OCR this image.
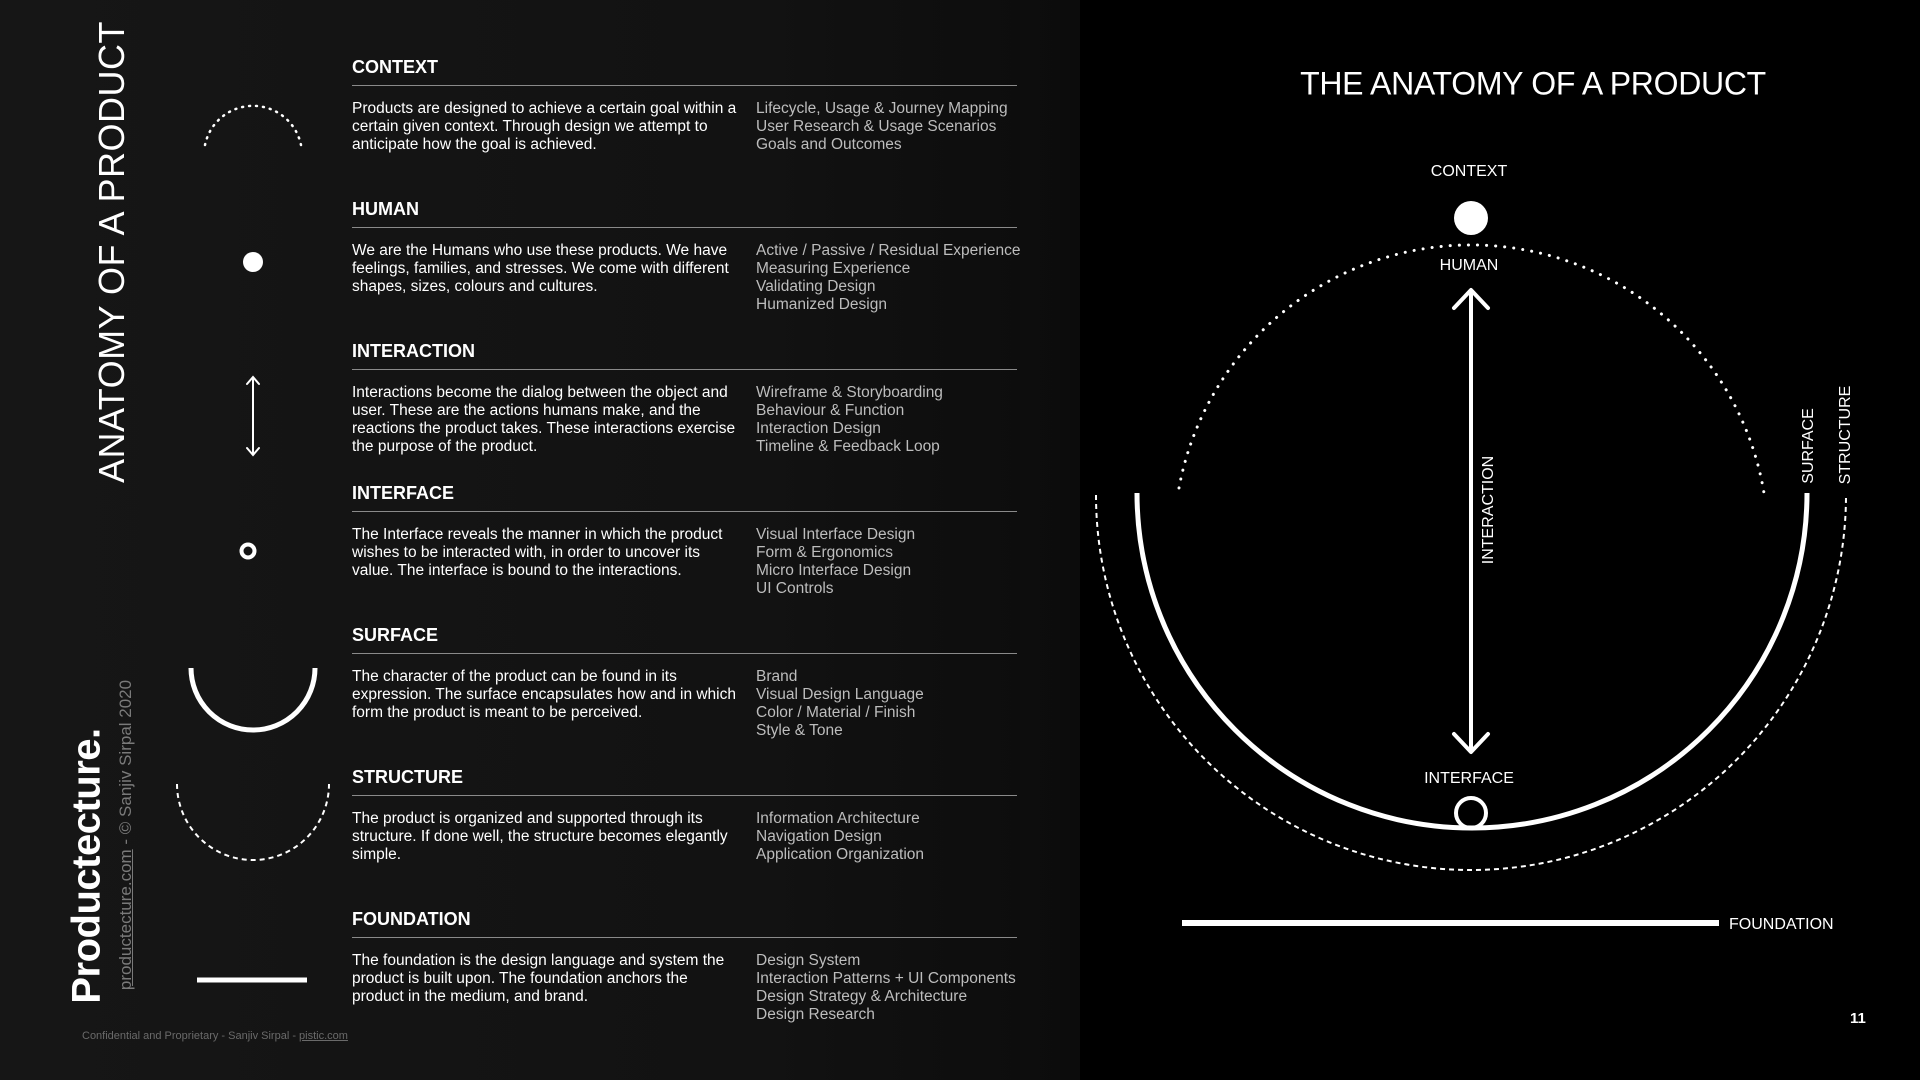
ANATOMY OF A PRODUCT
Productecture. productecture.com - © Sanjiv Sirpal 2020
Confidential and Proprietary - Sanjiv Sirpal - pistic.com
CONTEXT
Products are designed to achieve a certain goal within a certain given context. Through design we attempt to anticipate how the goal is achieved.
Lifecycle, Usage & Journey Mapping
User Research & Usage Scenarios
Goals and Outcomes
HUMAN
We are the Humans who use these products. We have feelings, families, and stresses. We come with different shapes, sizes, colours and cultures.
Active / Passive / Residual Experience
Measuring Experience
Validating Design
Humanized Design
INTERACTION
Interactions become the dialog between the object and user. These are the actions humans make, and the reactions the product takes. These interactions exercise the purpose of the product.
Wireframe & Storyboarding
Behaviour & Function
Interaction Design
Timeline & Feedback Loop
INTERFACE
The Interface reveals the manner in which the product wishes to be interacted with, in order to uncover its value. The interface is bound to the interactions.
Visual Interface Design
Form & Ergonomics
Micro Interface Design
UI Controls
SURFACE
The character of the product can be found in its expression. The surface encapsulates how and in which form the product is meant to be perceived.
Brand
Visual Design Language
Color / Material / Finish
Style & Tone
STRUCTURE
The product is organized and supported through its structure. If done well, the structure becomes elegantly simple.
Information Architecture
Navigation Design
Application Organization
FOUNDATION
The foundation is the design language and system the product is built upon. The foundation anchors the product in the medium, and brand.
Design System
Interaction Patterns + UI Components
Design Strategy & Architecture
Design Research
THE ANATOMY OF A PRODUCT
CONTEXT
HUMAN
INTERACTION
INTERFACE
SURFACE STRUCTURE
FOUNDATION
11
